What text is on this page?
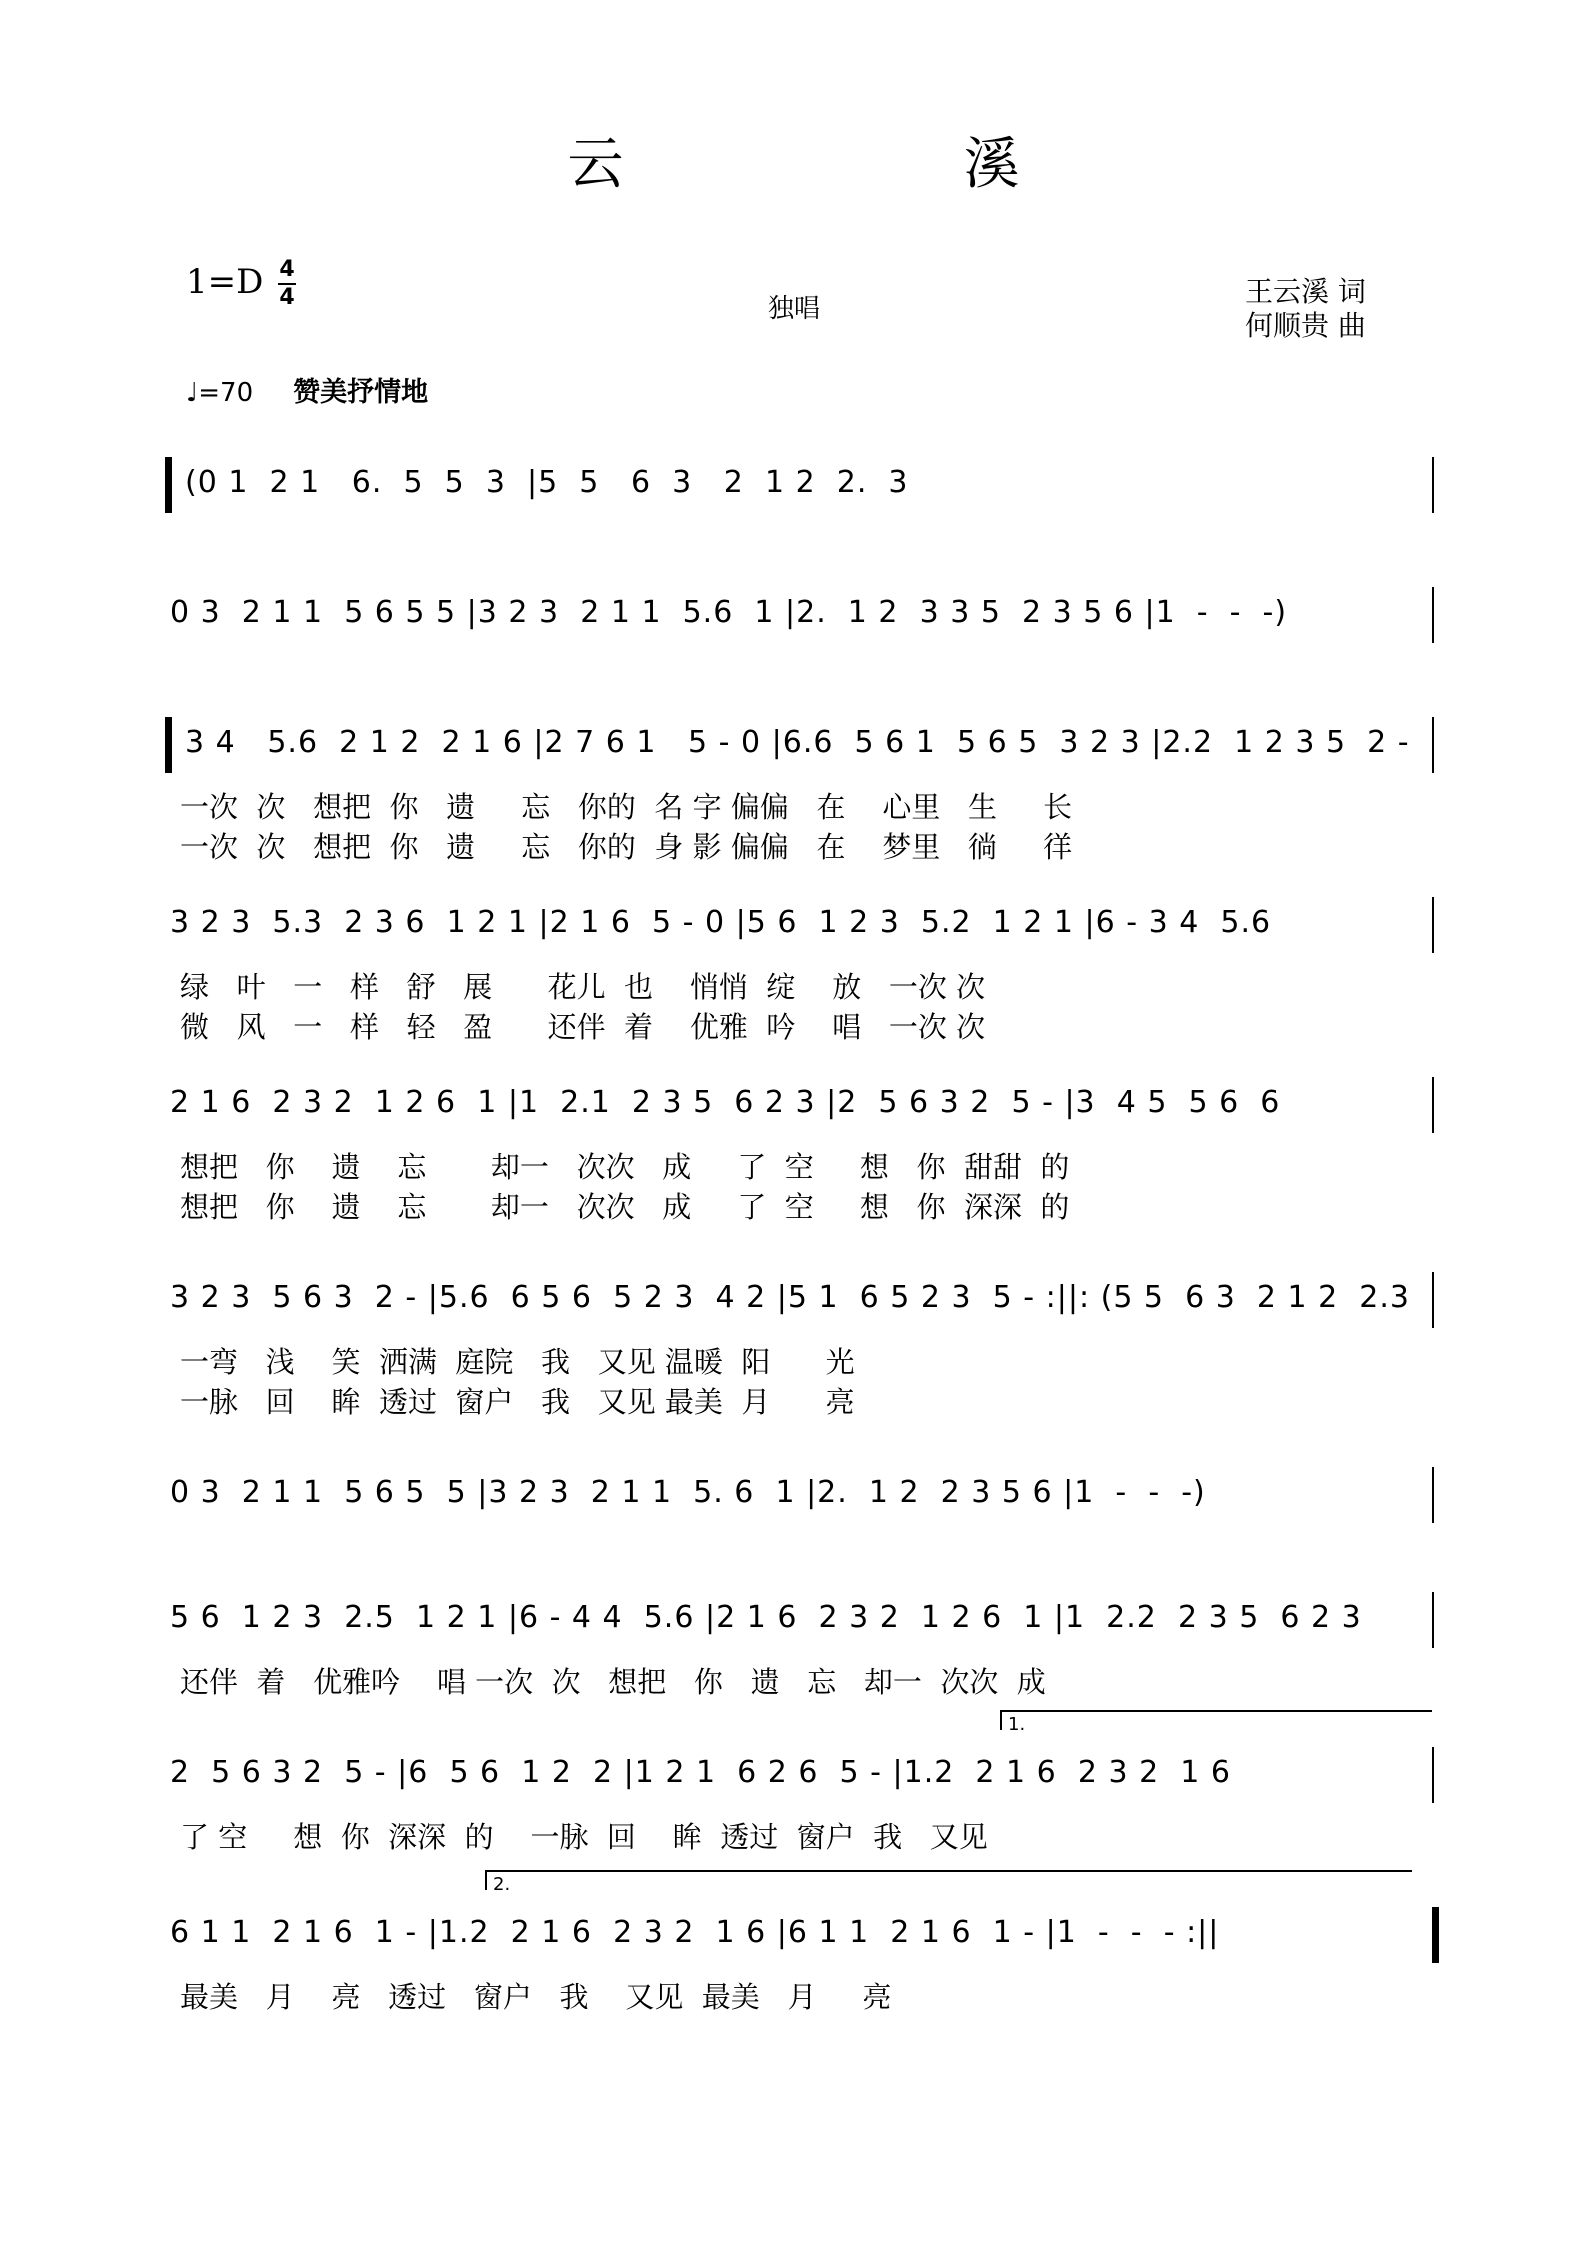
云	溪
1=D 4
4	独唱
王云溪 词
何顺贵 曲
♩=70 赞美抒情地
(0 1  2 1   6.  5  5  3  |5  5   6  3   2  1 2  2.  3
0 3  2 1 1  5 6 5 5 |3 2 3  2 1 1  5.6  1 |2.  1 2  3 3 5  2 3 5 6 |1  -  -  -)
3 4   5.6  2 1 2  2 1 6 |2 7 6 1   5 - 0 |6.6  5 6 1  5 6 5  3 2 3 |2.2  1 2 3 5  2 -
一次  次   想把  你   遗     忘   你的  名 字 偏偏   在    心里   生     长
一次  次   想把  你   遗     忘   你的  身 影 偏偏   在    梦里   徜     徉
3 2 3  5.3  2 3 6  1 2 1 |2 1 6  5 - 0 |5 6  1 2 3  5.2  1 2 1 |6 - 3 4  5.6
绿   叶   一   样   舒   展      花儿  也    悄悄  绽    放   一次 次
微   风   一   样   轻   盈      还伴  着    优雅  吟    唱   一次 次
2 1 6  2 3 2  1 2 6  1 |1  2.1  2 3 5  6 2 3 |2  5 6 3 2  5 - |3  4 5  5 6  6
想把   你    遗    忘       却一   次次   成     了  空     想   你  甜甜  的
想把   你    遗    忘       却一   次次   成     了  空     想   你  深深  的
3 2 3  5 6 3  2 - |5.6  6 5 6  5 2 3  4 2 |5 1  6 5 2 3  5 - :||: (5 5  6 3  2 1 2  2.3
一弯   浅    笑  洒满  庭院   我   又见 温暖  阳      光
一脉   回    眸  透过  窗户   我   又见 最美  月      亮
0 3  2 1 1  5 6 5  5 |3 2 3  2 1 1  5. 6  1 |2.  1 2  2 3 5 6 |1  -  -  -)
5 6  1 2 3  2.5  1 2 1 |6 - 4 4  5.6 |2 1 6  2 3 2  1 2 6  1 |1  2.2  2 3 5  6 2 3
还伴  着   优雅吟    唱 一次  次   想把   你   遗   忘   却一  次次  成
2  5 6 3 2  5 - |6  5 6  1 2  2 |1 2 1  6 2 6  5 - |1.2  2 1 6  2 3 2  1 6
了 空     想  你  深深  的    一脉  回    眸  透过  窗户  我   又见
1.
6 1 1  2 1 6  1 - |1.2  2 1 6  2 3 2  1 6 |6 1 1  2 1 6  1 - |1  -  -  - :||
最美   月    亮   透过   窗户   我    又见  最美   月     亮
2.
